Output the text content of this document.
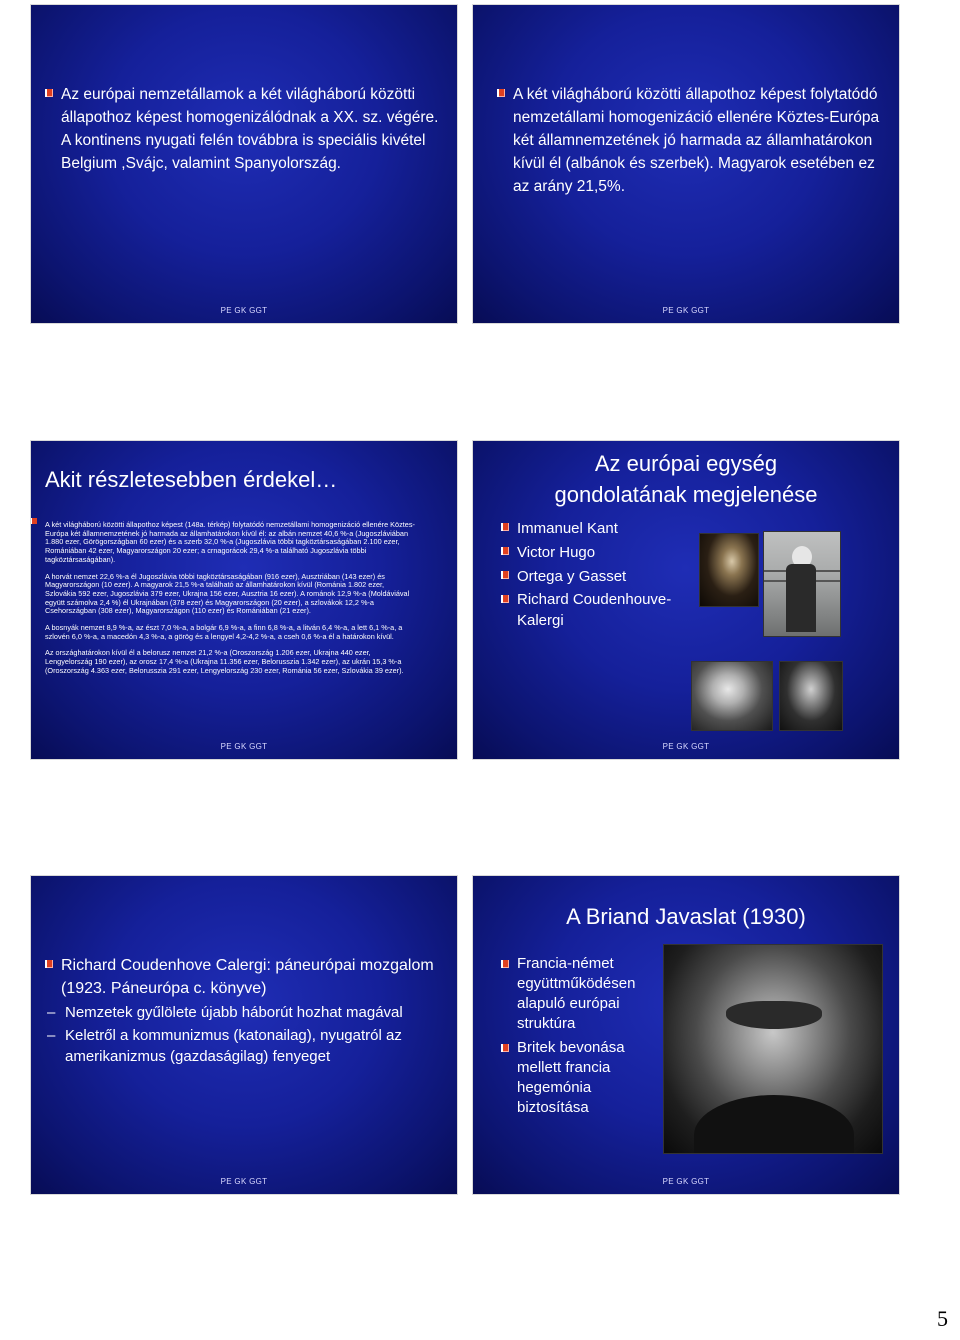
Az európai nemzetállamok a két világháború közötti állapothoz képest homogenizálódnak a XX. sz. végére. A kontinens nyugati felén továbbra is speciális kivétel Belgium ,Svájc, valamint Spanyolország.
PE GK GGT
A két világháború közötti állapothoz képest folytatódó nemzetállami homogenizáció ellenére Köztes-Európa két államnemzetének jó harmada az államhatárokon kívül él (albánok és szerbek). Magyarok esetében ez az arány 21,5%.
PE GK GGT
Akit részletesebben érdekel…

A két világháború közötti állapothoz képest (148a. térkép) folytatódó nemzetállami homogenizáció ellenére Köztes-Európa két államnemzetének jó harmada az államhatárokon kívül él: az albán nemzet 40,6 %-a (Jugoszláviában 1.880 ezer, Görögországban 60 ezer) és a szerb 32,0 %-a (Jugoszlávia többi tagköztársaságában 2.100 ezer, Romániában 42 ezer, Magyarországon 20 ezer; a crnagorácok 29,4 %-a található Jugoszlávia többi tagköztársaságában).

A horvát nemzet 22,6 %-a él Jugoszlávia többi tagköztársaságában (916 ezer), Ausztriában (143 ezer) és Magyarországon (10 ezer). A magyarok 21,5 %-a található az államhatárokon kívül (Románia 1.802 ezer, Szlovákia 592 ezer, Jugoszlávia 379 ezer, Ukrajna 156 ezer, Ausztria 16 ezer). A románok 12,9 %-a (Moldáviával együtt számolva 2,4 %) él Ukrajnában (378 ezer) és Magyarországon (20 ezer), a szlovákok 12,2 %-a Csehországban (308 ezer), Magyarországon (110 ezer) és Romániában (21 ezer).

A bosnyák nemzet 8,9 %-a, az észt 7,0 %-a, a bolgár 6,9 %-a, a finn 6,8 %-a, a litván 6,4 %-a, a lett 6,1 %-a, a szlovén 6,0 %-a, a macedón 4,3 %-a, a görög és a lengyel 4,2-4,2 %-a, a cseh 0,6 %-a él a határokon kívül.

Az országhatárokon kívül él a belorusz nemzet 21,2 %-a (Oroszország 1.206 ezer, Ukrajna 440 ezer, Lengyelország 190 ezer), az orosz 17,4 %-a (Ukrajna 11.356 ezer, Belorusszia 1.342 ezer), az ukrán 15,3 %-a (Oroszország 4.363 ezer, Belorusszia 291 ezer, Lengyelország 230 ezer, Románia 56 ezer, Szlovákia 39 ezer).

PE GK GGT
Az európai egység
gondolatának megjelenése
Immanuel Kant
Victor Hugo
Ortega y Gasset
Richard Coudenhouve-Kalergi
PE GK GGT
Richard Coudenhove Calergi: páneurópai mozgalom (1923. Páneurópa c. könyve)
– Nemzetek gyűlölete újabb háborút hozhat magával
– Keletről a kommunizmus (katonailag), nyugatról az amerikanizmus (gazdaságilag) fenyeget
PE GK GGT
A Briand Javaslat (1930)
Francia-német együttműködésen alapuló európai struktúra
Britek bevonása mellett francia hegemónia biztosítása
PE GK GGT
5
